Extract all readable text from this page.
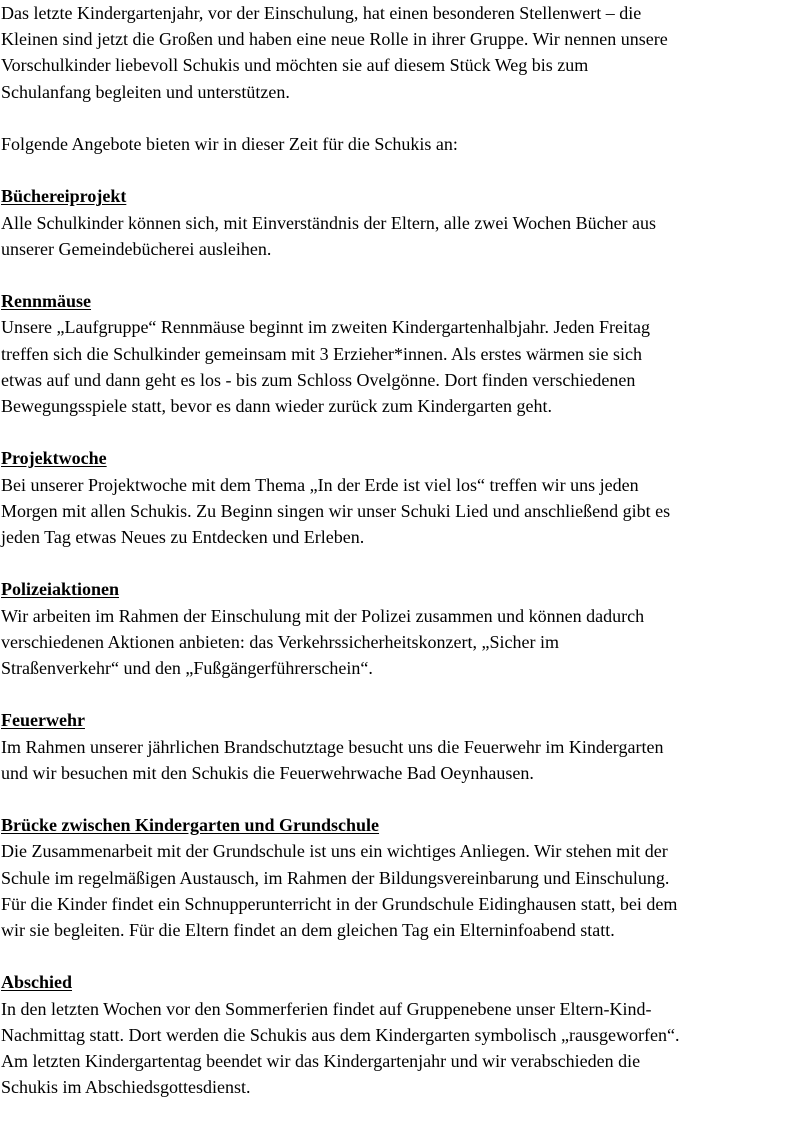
Das letzte Kindergartenjahr, vor der Einschulung, hat einen besonderen Stellenwert – die
Kleinen sind jetzt die Großen und haben eine neue Rolle in ihrer Gruppe. Wir nennen unsere
Vorschulkinder liebevoll Schukis und möchten sie auf diesem Stück Weg bis zum
Schulanfang begleiten und unterstützen.

Folgende Angebote bieten wir in dieser Zeit für die Schukis an:

Büchereiprojekt

Alle Schulkinder können sich, mit Einverständnis der Eltern, alle zwei Wochen Bücher aus
unserer Gemeindebücherei ausleihen.

Rennmäuse

Unsere „Laufgruppe“ Rennmäuse beginnt im zweiten Kindergartenhalbjahr. Jeden Freitag
treffen sich die Schulkinder gemeinsam mit 3 Erzieher*innen. Als erstes wärmen sie sich
etwas auf und dann geht es los - bis zum Schloss Ovelgönne. Dort finden verschiedenen
Bewegungsspiele statt, bevor es dann wieder zurück zum Kindergarten geht.

Projektwoche

Bei unserer Projektwoche mit dem Thema „In der Erde ist viel los“ treffen wir uns jeden
Morgen mit allen Schukis. Zu Beginn singen wir unser Schuki Lied und anschließend gibt es
jeden Tag etwas Neues zu Entdecken und Erleben.

Polizeiaktionen

Wir arbeiten im Rahmen der Einschulung mit der Polizei zusammen und können dadurch
verschiedenen Aktionen anbieten: das Verkehrssicherheitskonzert, „Sicher im
Straßenverkehr“ und den „Fußgängerführerschein“.

Feuerwehr

Im Rahmen unserer jährlichen Brandschutztage besucht uns die Feuerwehr im Kindergarten
und wir besuchen mit den Schukis die Feuerwehrwache Bad Oeynhausen.

Brücke zwischen Kindergarten und Grundschule

Die Zusammenarbeit mit der Grundschule ist uns ein wichtiges Anliegen. Wir stehen mit der
Schule im regelmäßigen Austausch, im Rahmen der Bildungsvereinbarung und Einschulung.
Für die Kinder findet ein Schnupperunterricht in der Grundschule Eidinghausen statt, bei dem
wir sie begleiten. Für die Eltern findet an dem gleichen Tag ein Elterninfoabend statt.

Abschied

In den letzten Wochen vor den Sommerferien findet auf Gruppenebene unser Eltern-Kind-
Nachmittag statt. Dort werden die Schukis aus dem Kindergarten symbolisch „rausgeworfen“.
Am letzten Kindergartentag beendet wir das Kindergartenjahr und wir verabschieden die
Schukis im Abschiedsgottesdienst.
